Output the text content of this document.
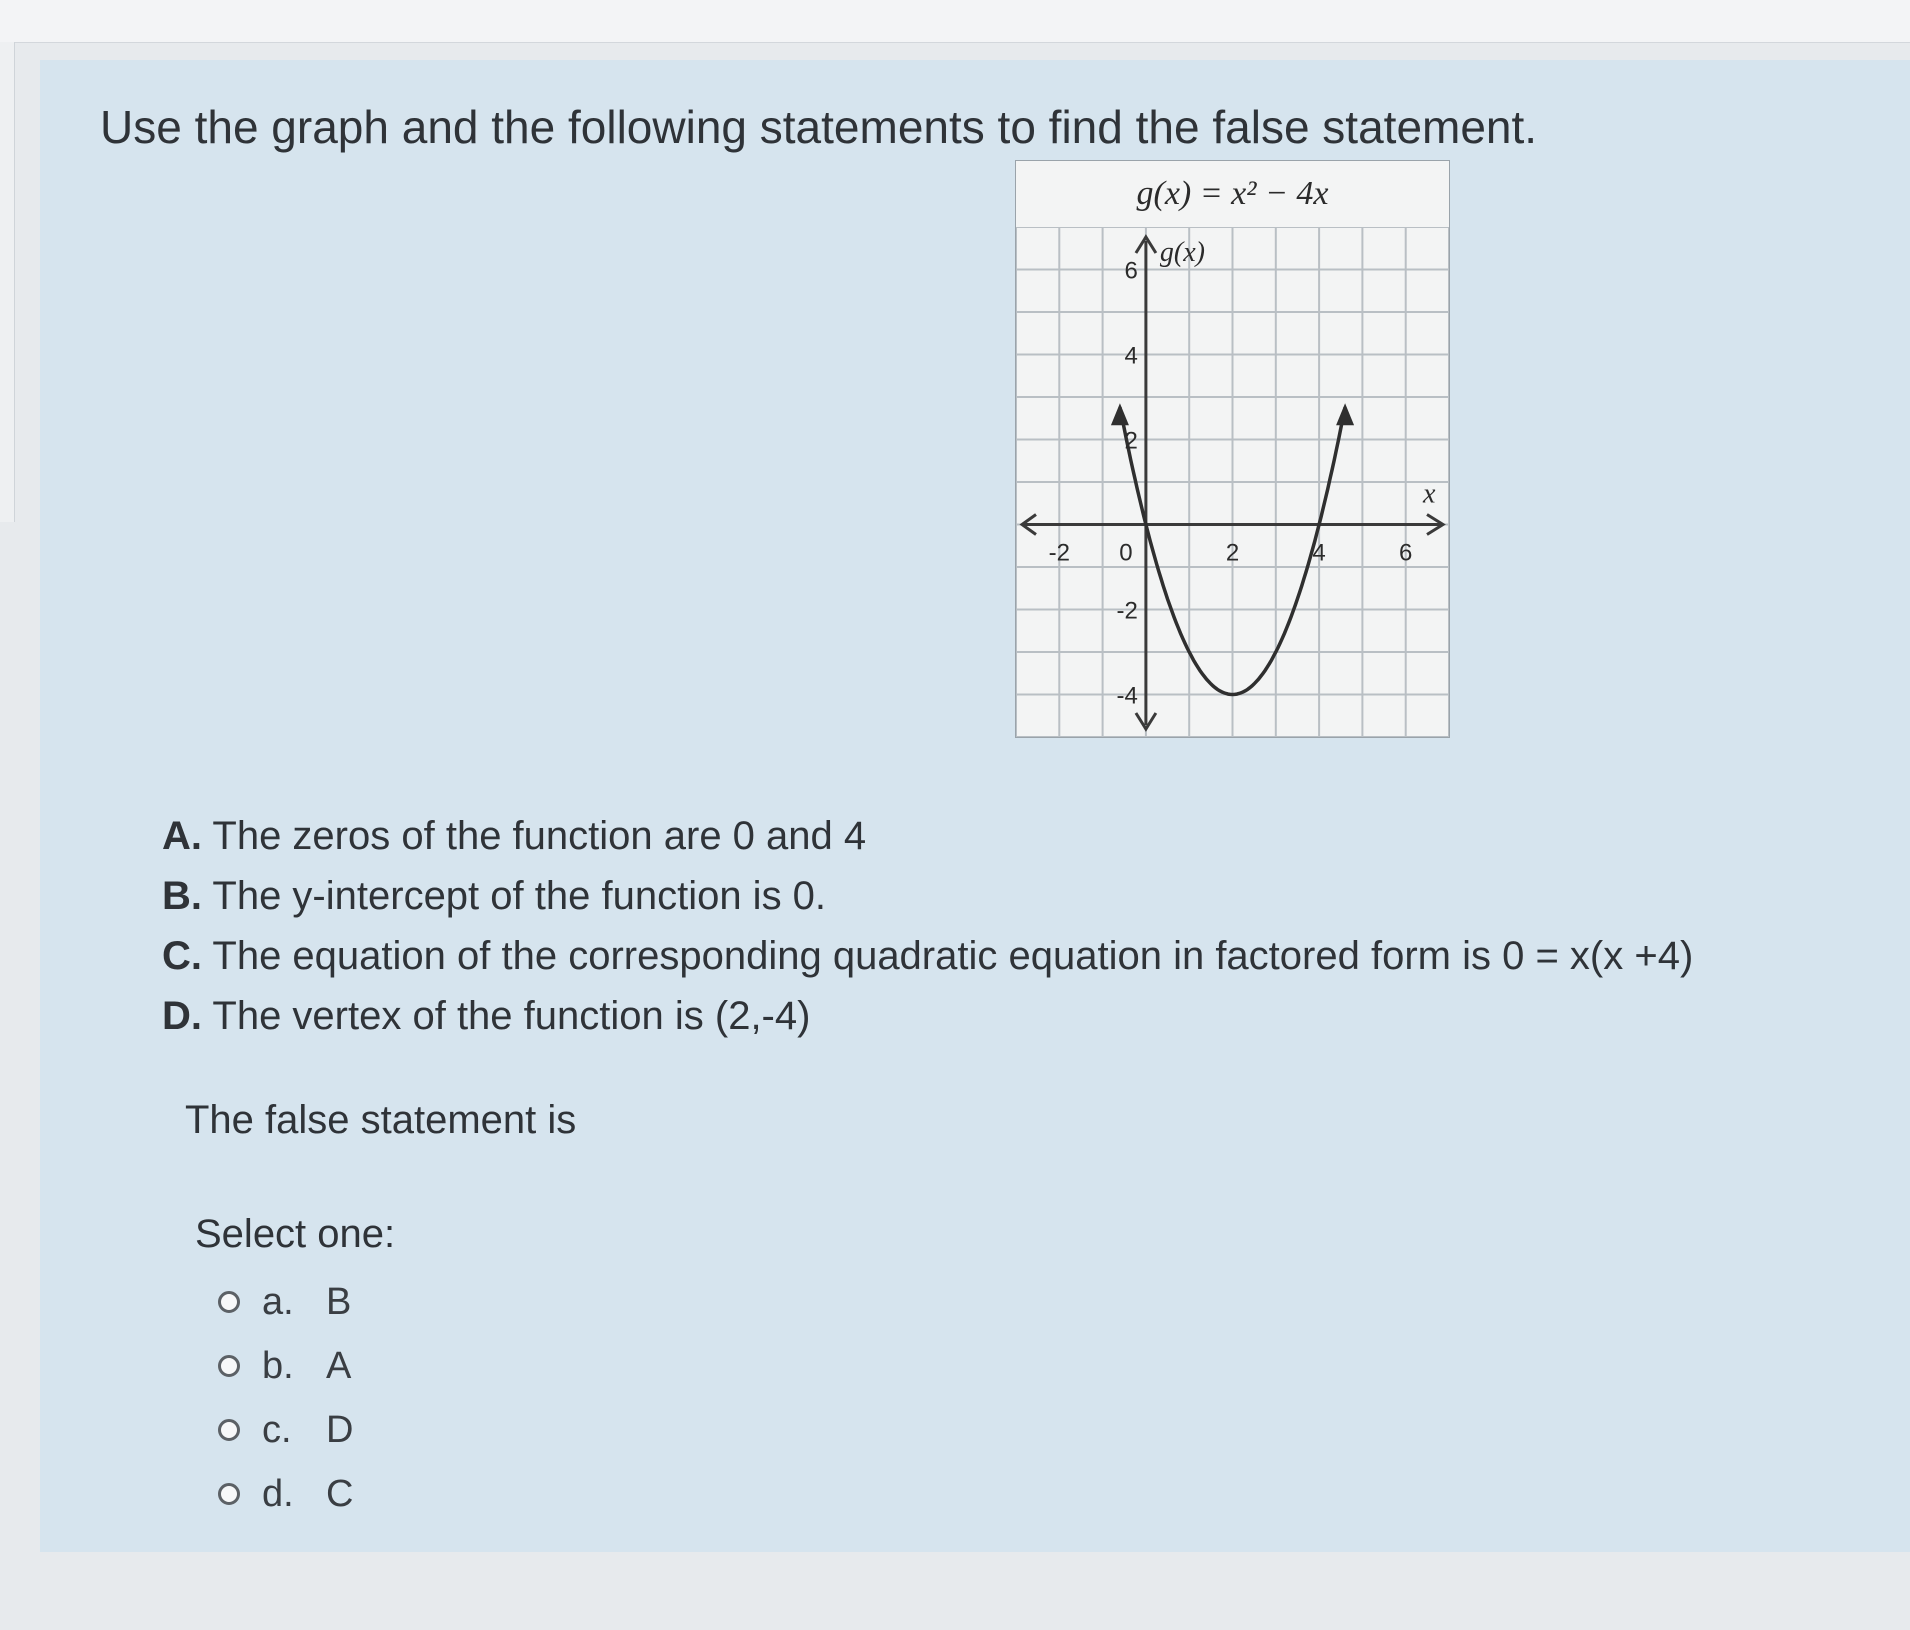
Use the graph and the following statements to find the false statement.
g(x) = x² − 4x
-2 0	2	4	6
6
4
2
-2
-4
g(x)
x
A. The zeros of the function are 0 and 4
B. The y-intercept of the function is 0.
C. The equation of the corresponding quadratic equation in factored form is 0 = x(x +4)
D. The vertex of the function is (2,-4)
The false statement is
Select one:
a. B
b. A
c. D
d. C
